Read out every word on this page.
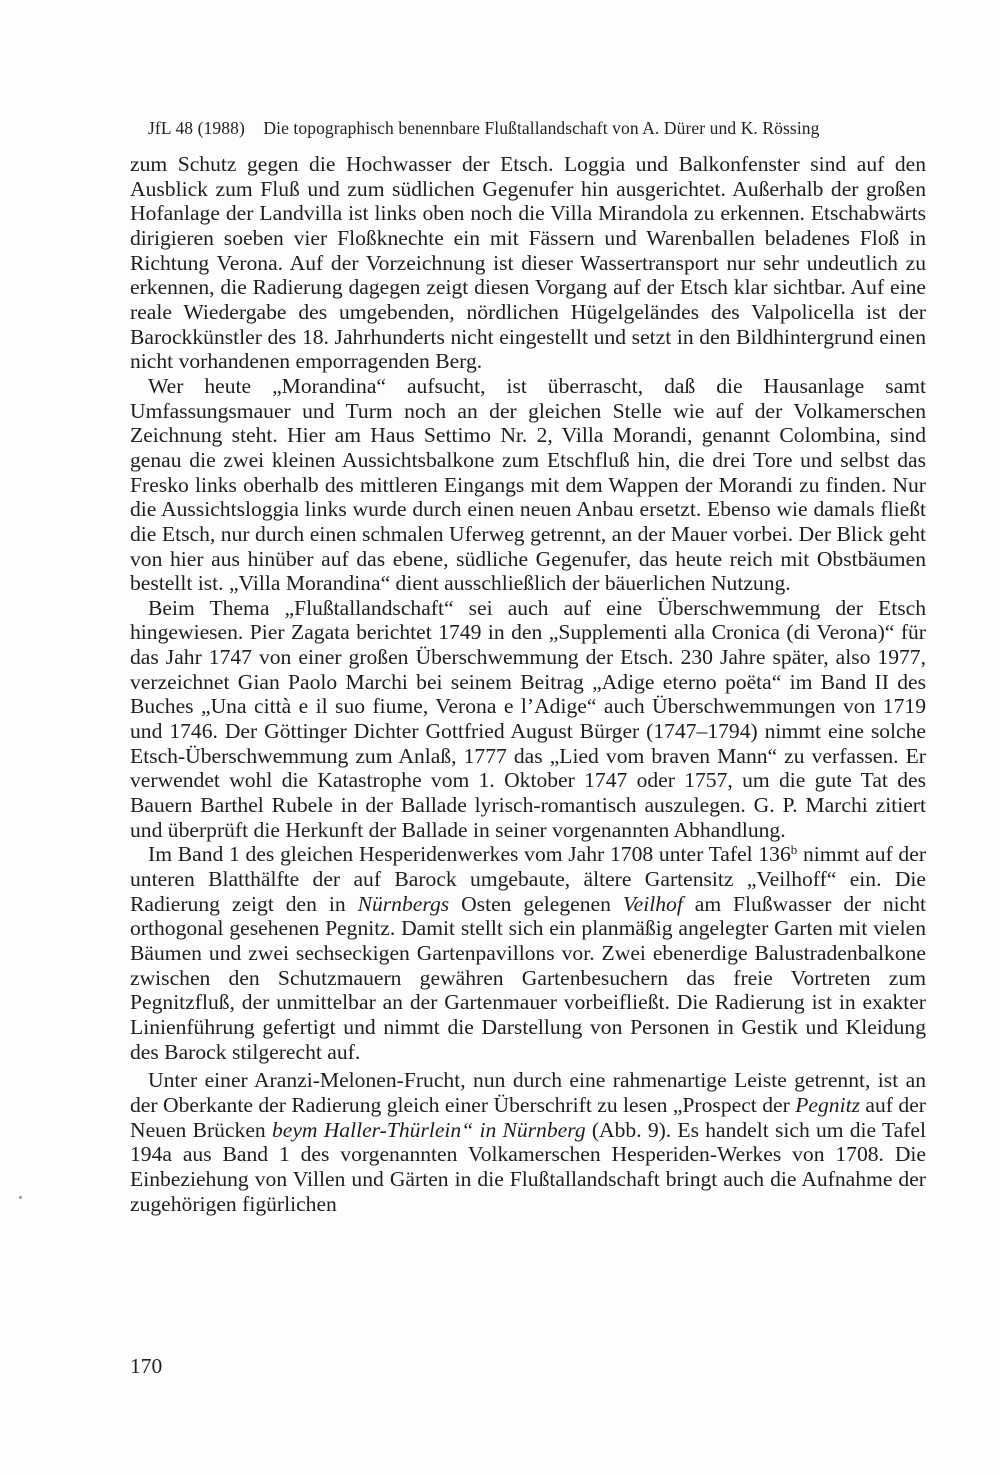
JfL 48 (1988) Die topographisch benennbare Flußtallandschaft von A. Dürer und K. Rössing

zum Schutz gegen die Hochwasser der Etsch. Loggia und Balkonfenster sind auf den Ausblick zum Fluß und zum südlichen Gegenufer hin ausgerichtet. Außerhalb der großen Hofanlage der Landvilla ist links oben noch die Villa Mirandola zu erkennen. Etschabwärts dirigieren soeben vier Floßknechte ein mit Fässern und Warenballen beladenes Floß in Richtung Verona. Auf der Vorzeichnung ist dieser Wassertransport nur sehr undeutlich zu erkennen, die Radierung dagegen zeigt diesen Vorgang auf der Etsch klar sichtbar. Auf eine reale Wiedergabe des umgebenden, nördlichen Hügelgeländes des Valpolicella ist der Barockkünstler des 18. Jahrhunderts nicht eingestellt und setzt in den Bildhintergrund einen nicht vorhandenen emporragenden Berg.

Wer heute „Morandina“ aufsucht, ist überrascht, daß die Hausanlage samt Umfassungsmauer und Turm noch an der gleichen Stelle wie auf der Volkamerschen Zeichnung steht. Hier am Haus Settimo Nr. 2, Villa Morandi, genannt Colombina, sind genau die zwei kleinen Aussichtsbalkone zum Etschfluß hin, die drei Tore und selbst das Fresko links oberhalb des mittleren Eingangs mit dem Wappen der Morandi zu finden. Nur die Aussichtsloggia links wurde durch einen neuen Anbau ersetzt. Ebenso wie damals fließt die Etsch, nur durch einen schmalen Uferweg getrennt, an der Mauer vorbei. Der Blick geht von hier aus hinüber auf das ebene, südliche Gegenufer, das heute reich mit Obstbäumen bestellt ist. „Villa Morandina“ dient ausschließlich der bäuerlichen Nutzung.

Beim Thema „Flußtallandschaft“ sei auch auf eine Überschwemmung der Etsch hingewiesen. Pier Zagata berichtet 1749 in den „Supplementi alla Cronica (di Verona)“ für das Jahr 1747 von einer großen Überschwemmung der Etsch. 230 Jahre später, also 1977, verzeichnet Gian Paolo Marchi bei seinem Beitrag „Adige eterno poëta“ im Band II des Buches „Una città e il suo fiume, Verona e l’Adige“ auch Überschwemmungen von 1719 und 1746. Der Göttinger Dichter Gottfried August Bürger (1747–1794) nimmt eine solche Etsch-Überschwemmung zum Anlaß, 1777 das „Lied vom braven Mann“ zu verfassen. Er verwendet wohl die Katastrophe vom 1. Oktober 1747 oder 1757, um die gute Tat des Bauern Barthel Rubele in der Ballade lyrisch-romantisch auszulegen. G. P. Marchi zitiert und überprüft die Herkunft der Ballade in seiner vorgenannten Abhandlung.

Im Band 1 des gleichen Hesperidenwerkes vom Jahr 1708 unter Tafel 136$^b$ nimmt auf der unteren Blatthälfte der auf Barock umgebaute, ältere Gartensitz „Veilhoff“ ein. Die Radierung zeigt den in Nürnbergs Osten gelegenen Veilhof am Flußwasser der nicht orthogonal gesehenen Pegnitz. Damit stellt sich ein planmäßig angelegter Garten mit vielen Bäumen und zwei sechseckigen Gartenpavillons vor. Zwei ebenerdige Balustradenbalkone zwischen den Schutzmauern gewähren Gartenbesuchern das freie Vortreten zum Pegnitzfluß, der unmittelbar an der Gartenmauer vorbeifließt. Die Radierung ist in exakter Linienführung gefertigt und nimmt die Darstellung von Personen in Gestik und Kleidung des Barock stilgerecht auf.

Unter einer Aranzi-Melonen-Frucht, nun durch eine rahmenartige Leiste getrennt, ist an der Oberkante der Radierung gleich einer Überschrift zu lesen „Prospect der Pegnitz auf der Neuen Brücken beym Haller-Thürlein“ in Nürnberg (Abb. 9). Es handelt sich um die Tafel 194a aus Band 1 des vorgenannten Volkamerschen Hesperiden-Werkes von 1708. Die Einbeziehung von Villen und Gärten in die Flußtallandschaft bringt auch die Aufnahme der zugehörigen figürlichen

170
